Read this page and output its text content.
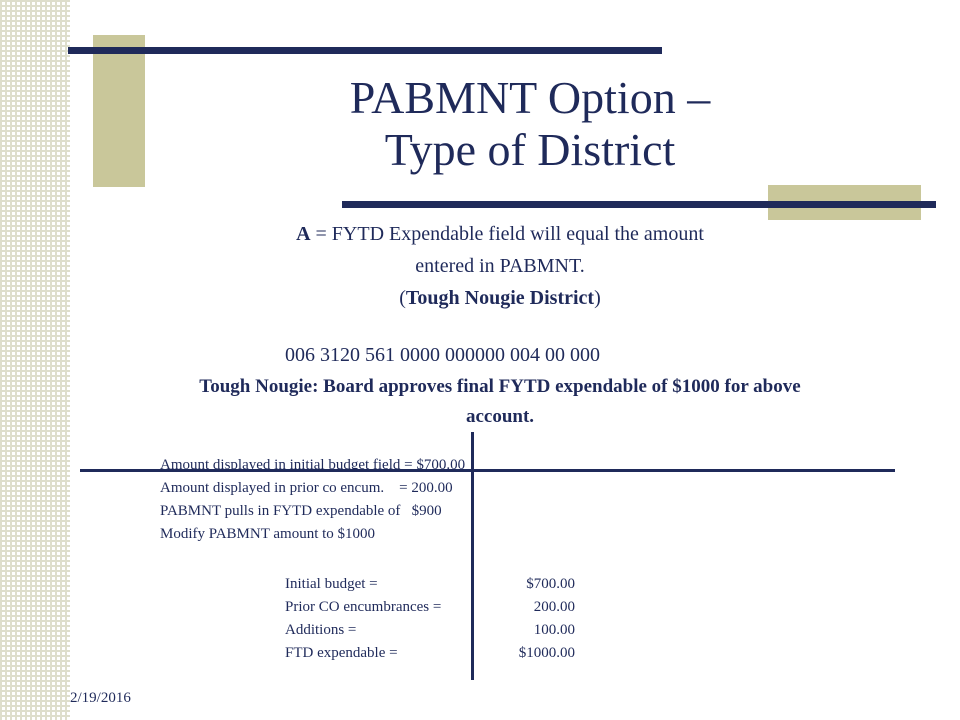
PABMNT Option –
Type of District
A = FYTD Expendable field will equal the amount
entered in PABMNT.
(Tough Nougie District)
006 3120 561 0000 000000 004 00 000
Tough Nougie: Board approves final FYTD expendable of $1000 for above
account.
Amount displayed in initial budget field = $700.00
Amount displayed in prior co encum.    = 200.00
PABMNT pulls in FYTD expendable of   $900
Modify PABMNT amount to $1000
Initial budget =	$700.00
Prior CO encumbrances =	200.00
Additions =	100.00
FTD expendable =	$1000.00
2/19/2016
